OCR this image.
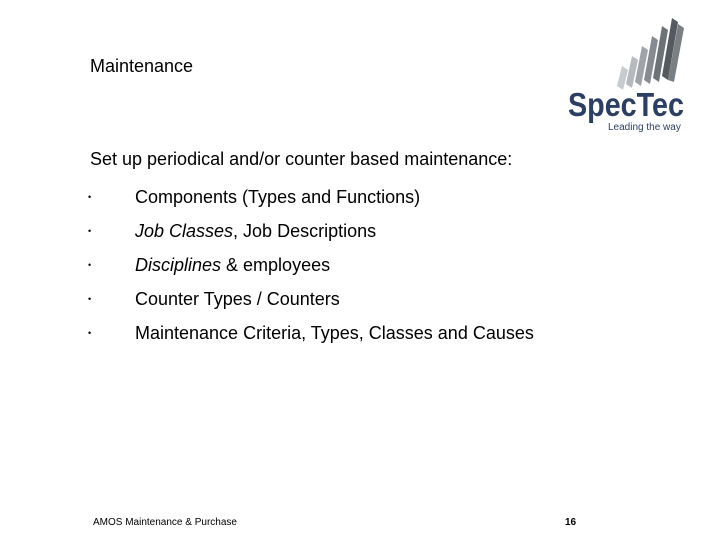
Maintenance
SpecTec
Leading the way
Set up periodical and/or counter based maintenance:
•	Components (Types and Functions)
•	Job Classes, Job Descriptions
•	Disciplines & employees
•	Counter Types / Counters
•	Maintenance Criteria, Types, Classes and Causes
AMOS Maintenance & Purchase	16
